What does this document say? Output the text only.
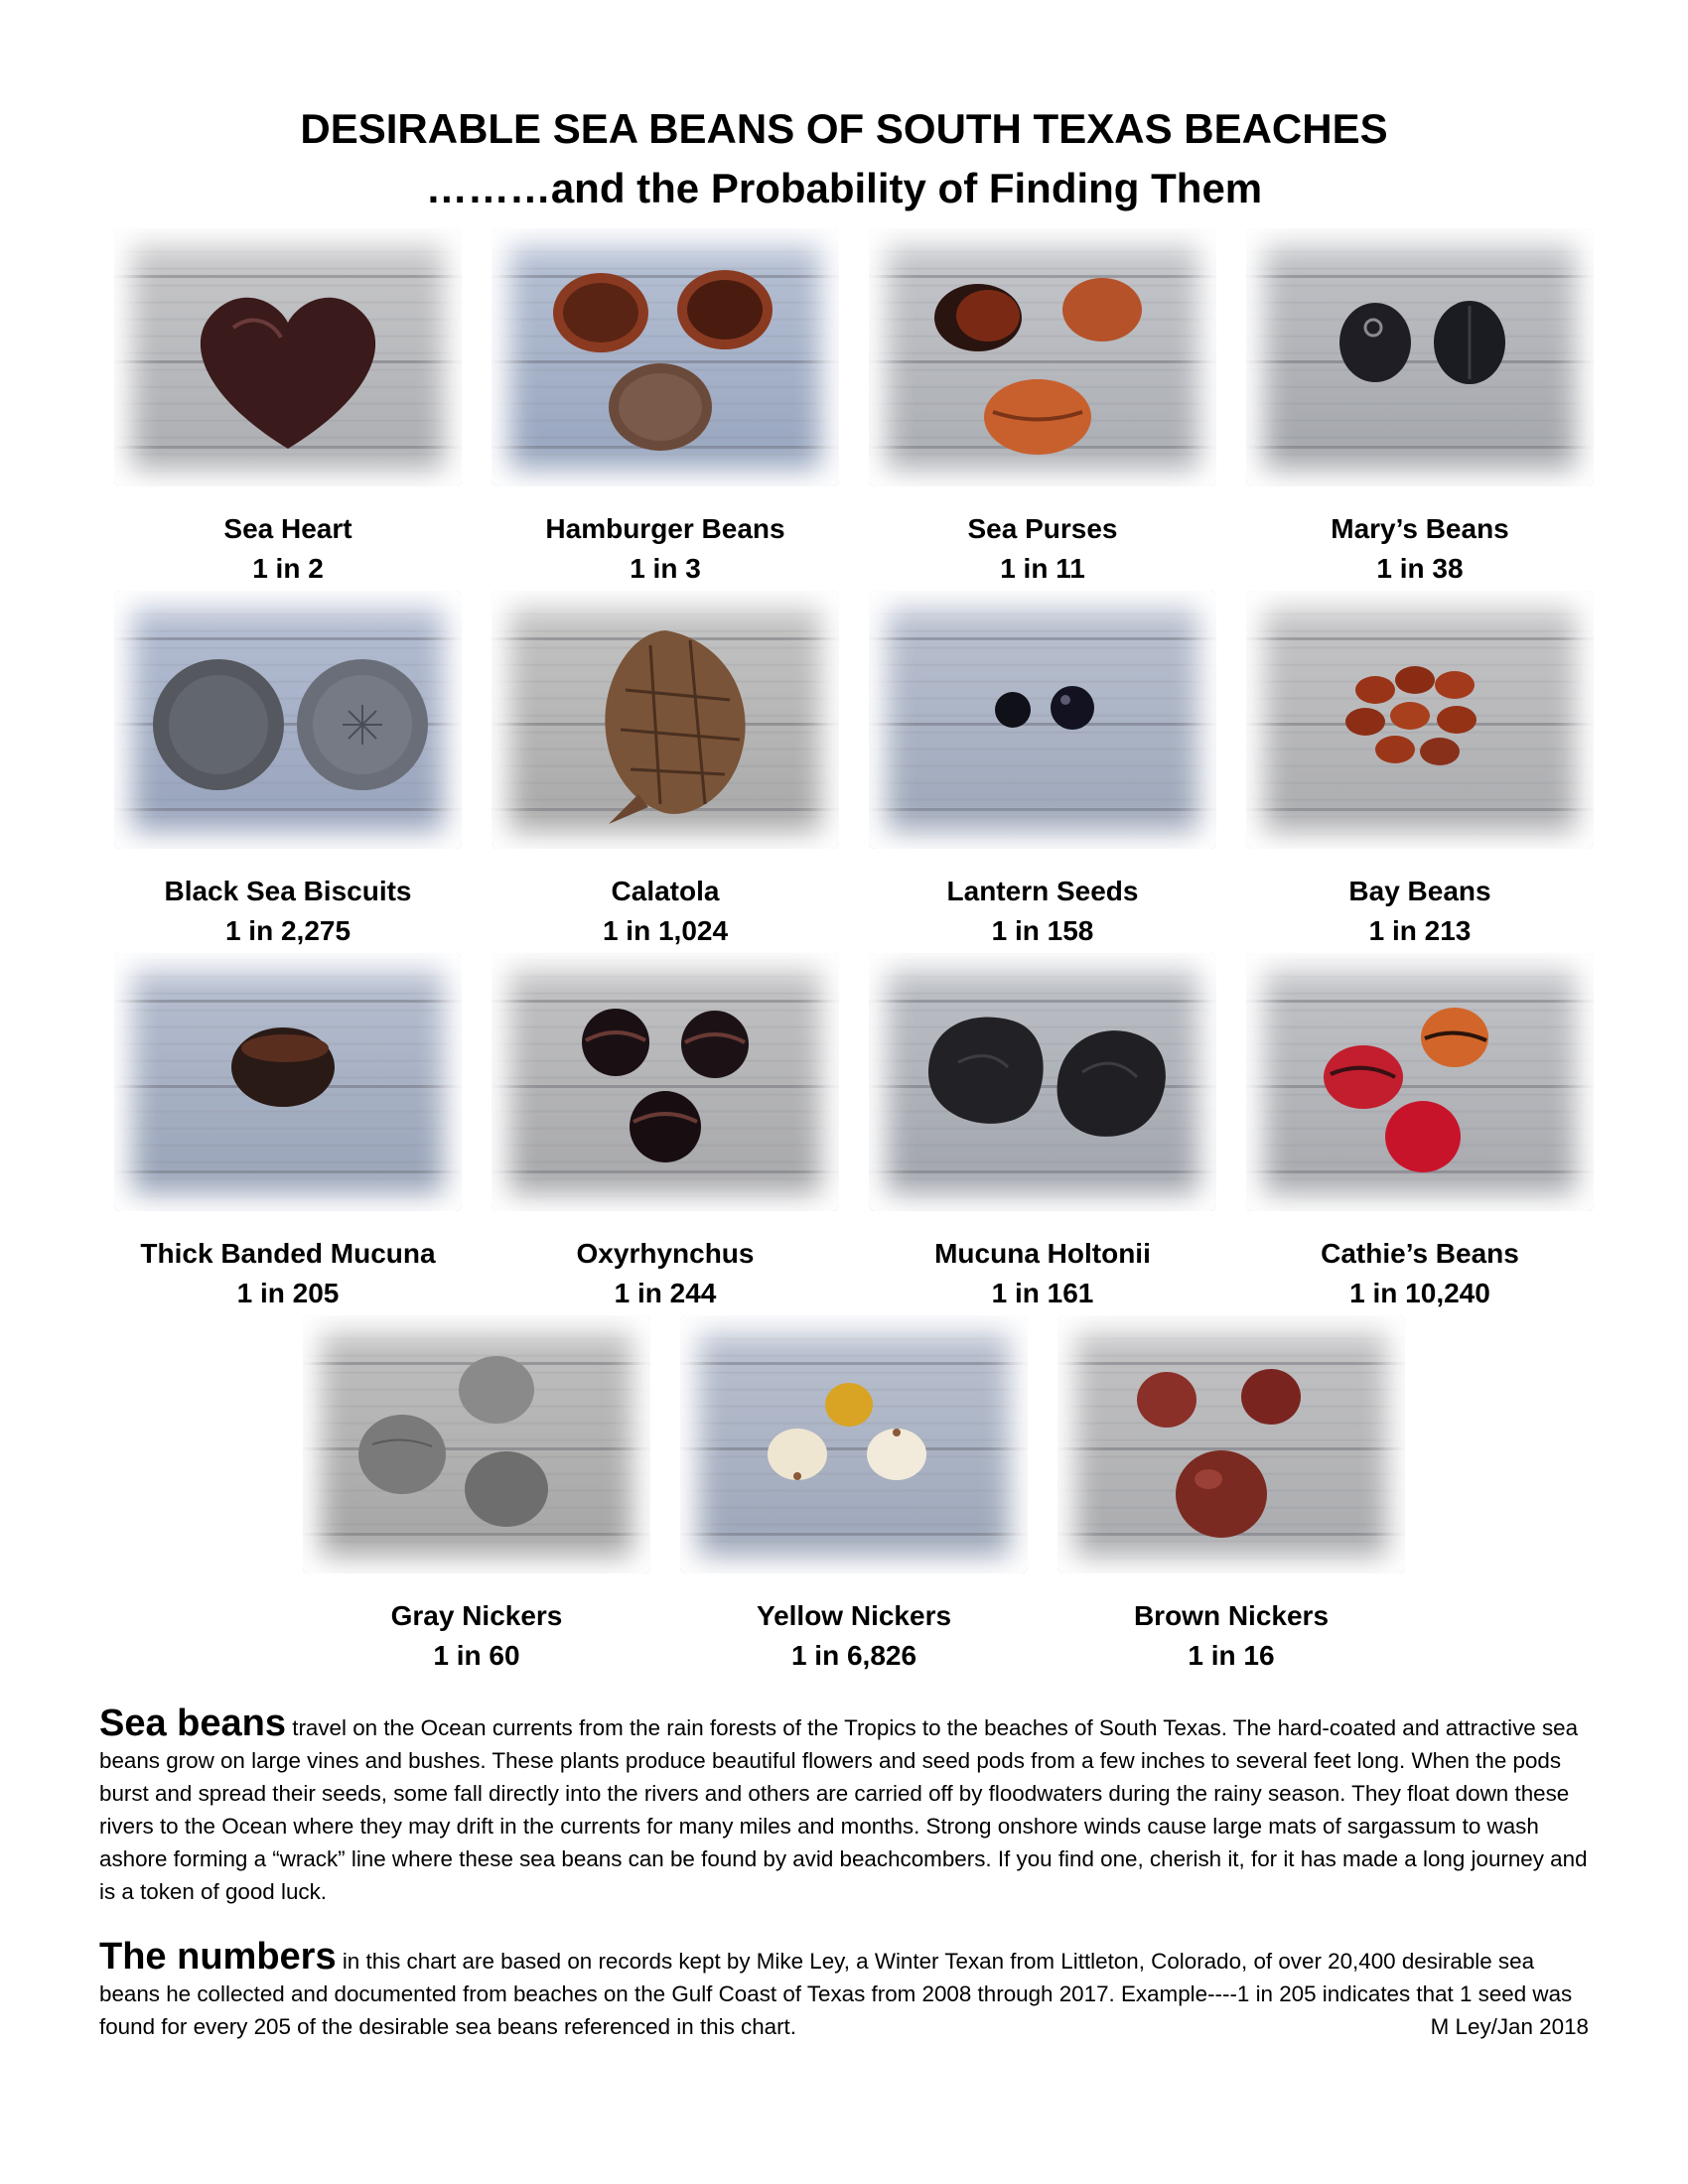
DESIRABLE SEA BEANS OF SOUTH TEXAS BEACHES
………and the Probability of Finding Them
Sea Heart
1 in 2
Hamburger Beans
1 in 3
Sea Purses
1 in 11
Mary’s Beans
1 in 38
Black Sea Biscuits
1 in 2,275
Calatola
1 in 1,024
Lantern Seeds
1 in 158
Bay Beans
1 in 213
Thick Banded Mucuna
1 in 205
Oxyrhynchus
1 in 244
Mucuna Holtonii
1 in 161
Cathie’s Beans
1 in 10,240
Gray Nickers
1 in 60
Yellow Nickers
1 in 6,826
Brown Nickers
1 in 16
Sea beans travel on the Ocean currents from the rain forests of the Tropics to the beaches of South Texas. The hard-coated and attractive sea beans grow on large vines and bushes. These plants produce beautiful flowers and seed pods from a few inches to several feet long. When the pods burst and spread their seeds, some fall directly into the rivers and others are carried off by floodwaters during the rainy season. They float down these rivers to the Ocean where they may drift in the currents for many miles and months. Strong onshore winds cause large mats of sargassum to wash ashore forming a “wrack” line where these sea beans can be found by avid beachcombers. If you find one, cherish it, for it has made a long journey and is a token of good luck.
The numbers in this chart are based on records kept by Mike Ley, a Winter Texan from Littleton, Colorado, of over 20,400 desirable sea beans he collected and documented from beaches on the Gulf Coast of Texas from 2008 through 2017. Example----1 in 205 indicates that 1 seed was found for every 205 of the desirable sea beans referenced in this chart.	M Ley/Jan 2018
